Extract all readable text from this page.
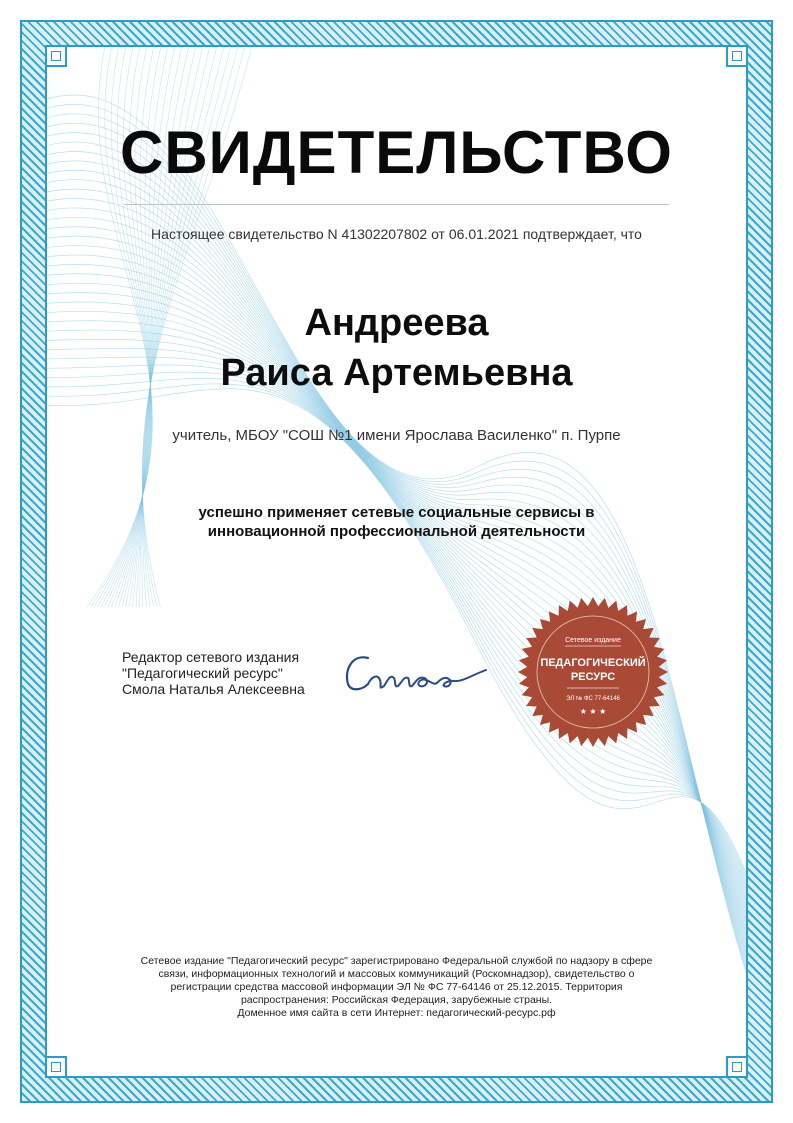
СВИДЕТЕЛЬСТВО
Настоящее свидетельство N 41302207802 от 06.01.2021 подтверждает, что
Андреева
Раиса Артемьевна
учитель, МБОУ "СОШ №1 имени Ярослава Василенко" п. Пурпе
успешно применяет сетевые социальные сервисы в
инновационной профессиональной деятельности
Редактор сетевого издания
"Педагогический ресурс"
Смола Наталья Алексеевна
Сетевое издание
ПЕДАГОГИЧЕСКИЙ
РЕСУРС
ЭЛ № ФС 77-64146
★ ★ ★
Сетевое издание "Педагогический ресурс" зарегистрировано Федеральной службой по надзору в сфере
связи, информационных технологий и массовых коммуникаций (Роскомнадзор), свидетельство о
регистрации средства массовой информации ЭЛ № ФС 77-64146 от 25.12.2015. Территория
распространения: Российская Федерация, зарубежные страны.
Доменное имя сайта в сети Интернет: педагогический-ресурс.рф
